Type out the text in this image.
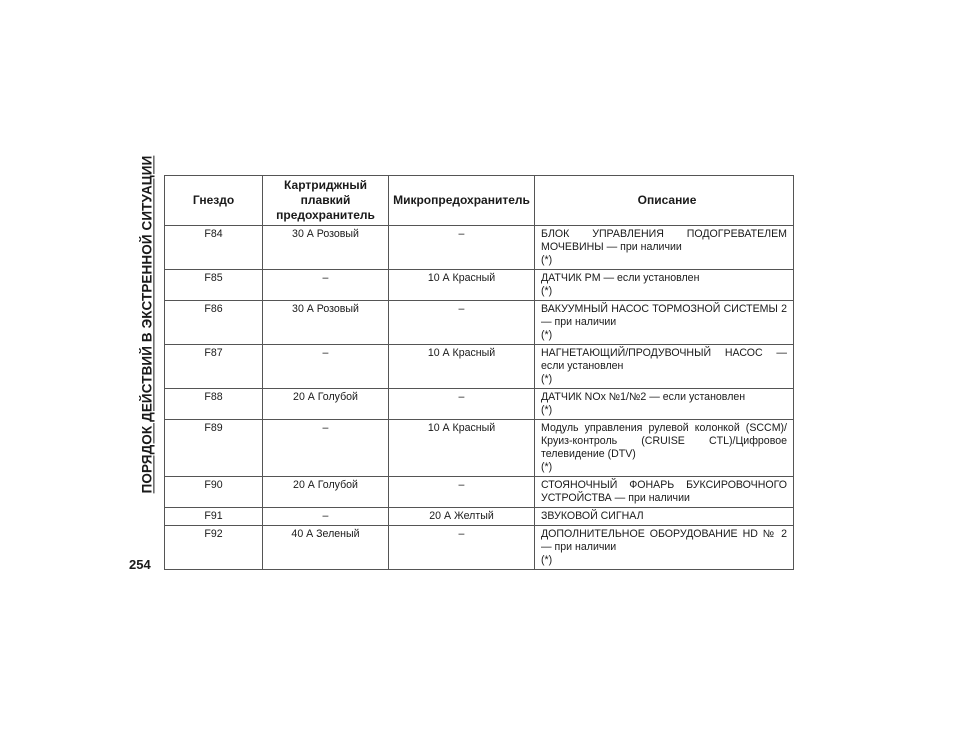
ПОРЯДОК ДЕЙСТВИЙ В ЭКСТРЕННОЙ СИТУАЦИИ
254
Гнездо	Картриджный
плавкий
предохранитель	Микропредохранитель	Описание
F84	30 А Розовый	–	БЛОК УПРАВЛЕНИЯ ПОДОГРЕВАТЕЛЕМ МОЧЕВИНЫ — при наличии

(*)

F85	–	10 А Красный	ДАТЧИК PM — если установлен

(*)

F86	30 А Розовый	–	ВАКУУМНЫЙ НАСОС ТОРМОЗНОЙ СИСТЕМЫ 2 — при наличии

(*)

F87	–	10 А Красный	НАГНЕТАЮЩИЙ/ПРОДУВОЧНЫЙ НАСОС — если установлен

(*)

F88	20 А Голубой	–	ДАТЧИК NOx №1/№2 — если установлен

(*)

F89	–	10 А Красный	Модуль управления рулевой колонкой (SCCM)/ Круиз-контроль (CRUISE CTL)/Цифровое телевидение (DTV)

(*)

F90	20 А Голубой	–	СТОЯНОЧНЫЙ ФОНАРЬ БУКСИРОВОЧНОГО УСТРОЙСТВА — при наличии

F91	–	20 А Желтый	ЗВУКОВОЙ СИГНАЛ

F92	40 А Зеленый	–	ДОПОЛНИТЕЛЬНОЕ ОБОРУДОВАНИЕ HD № 2 — при наличии

(*)
